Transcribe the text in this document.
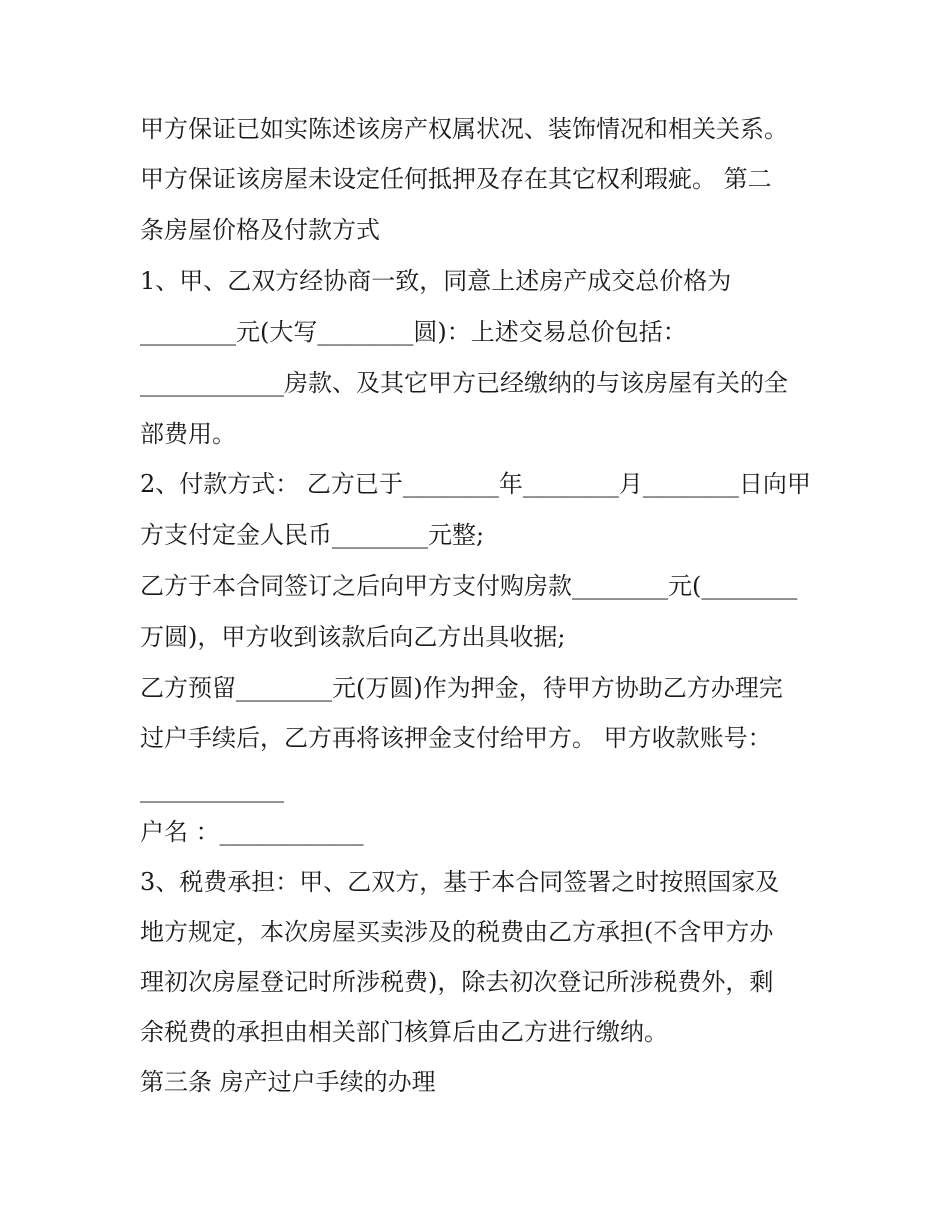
甲方保证已如实陈述该房产权属状况、装饰情况和相关关系。
甲方保证该房屋未设定任何抵押及存在其它权利瑕疵。 第二
条房屋价格及付款方式
1、甲、乙双方经协商一致，同意上述房产成交总价格为
________元(大写________圆)：上述交易总价包括：
____________房款、及其它甲方已经缴纳的与该房屋有关的全
部费用。
2、付款方式： 乙方已于________年________月________日向甲
方支付定金人民币________元整;
乙方于本合同签订之后向甲方支付购房款________元(________
万圆)，甲方收到该款后向乙方出具收据;
乙方预留________元(万圆)作为押金，待甲方协助乙方办理完
过户手续后，乙方再将该押金支付给甲方。 甲方收款账号：
____________
户名 ：____________
3、税费承担：甲、乙双方，基于本合同签署之时按照国家及
地方规定，本次房屋买卖涉及的税费由乙方承担(不含甲方办
理初次房屋登记时所涉税费)，除去初次登记所涉税费外，剩
余税费的承担由相关部门核算后由乙方进行缴纳。
第三条 房产过户手续的办理
